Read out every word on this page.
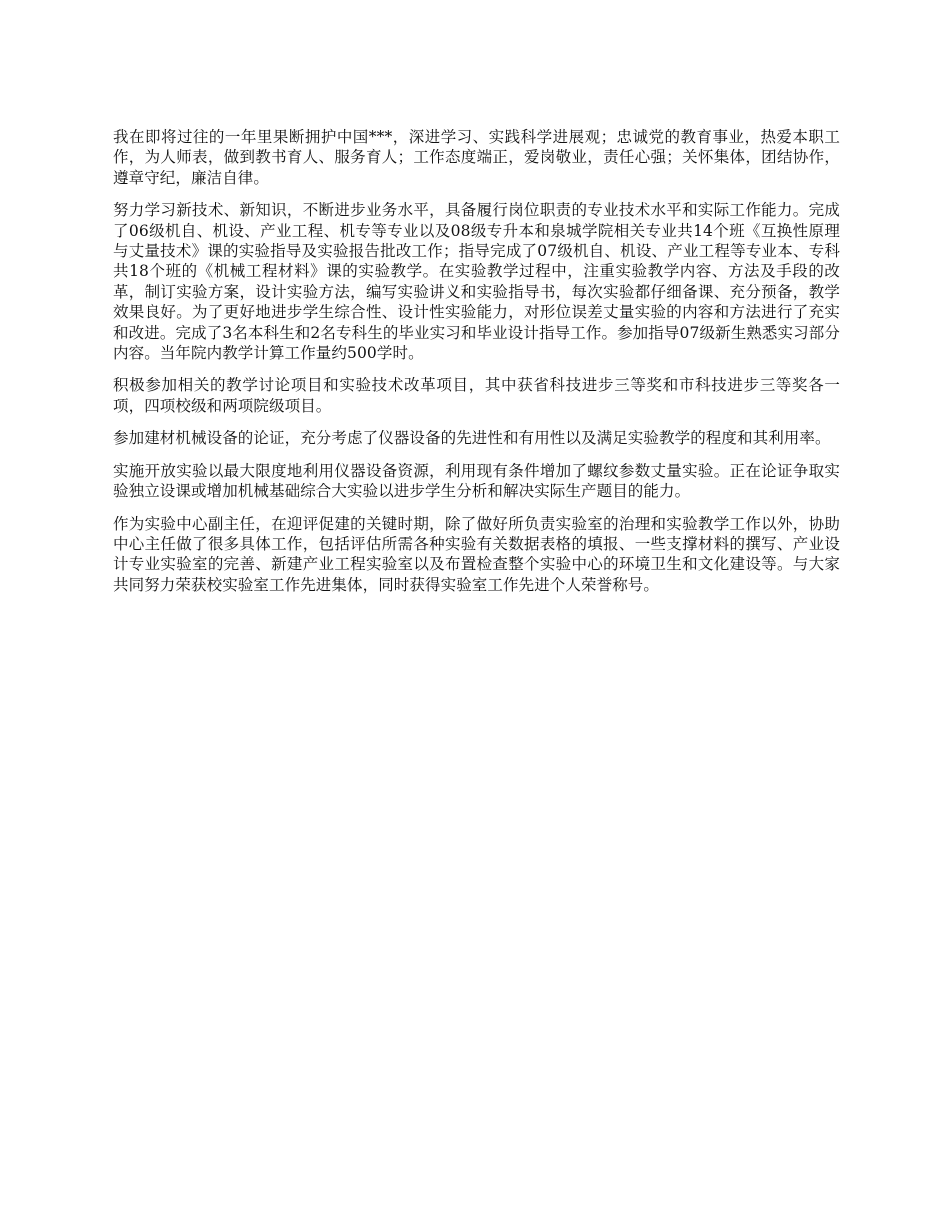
我在即将过往的一年里果断拥护中国***，深进学习、实践科学进展观；忠诚党的教育事业，热爱本职工作，为人师表，做到教书育人、服务育人；工作态度端正，爱岗敬业，责任心强；关怀集体，团结协作，遵章守纪，廉洁自律。

努力学习新技术、新知识，不断进步业务水平，具备履行岗位职责的专业技术水平和实际工作能力。完成了06级机自、机设、产业工程、机专等专业以及08级专升本和泉城学院相关专业共14个班《互换性原理与丈量技术》课的实验指导及实验报告批改工作；指导完成了07级机自、机设、产业工程等专业本、专科共18个班的《机械工程材料》课的实验教学。在实验教学过程中，注重实验教学内容、方法及手段的改革，制订实验方案，设计实验方法，编写实验讲义和实验指导书，每次实验都仔细备课、充分预备，教学效果良好。为了更好地进步学生综合性、设计性实验能力，对形位误差丈量实验的内容和方法进行了充实和改进。完成了3名本科生和2名专科生的毕业实习和毕业设计指导工作。参加指导07级新生熟悉实习部分内容。当年院内教学计算工作量约500学时。

积极参加相关的教学讨论项目和实验技术改革项目，其中获省科技进步三等奖和市科技进步三等奖各一项，四项校级和两项院级项目。

参加建材机械设备的论证，充分考虑了仪器设备的先进性和有用性以及满足实验教学的程度和其利用率。

实施开放实验以最大限度地利用仪器设备资源，利用现有条件增加了螺纹参数丈量实验。正在论证争取实验独立设课或增加机械基础综合大实验以进步学生分析和解决实际生产题目的能力。

作为实验中心副主任，在迎评促建的关键时期，除了做好所负责实验室的治理和实验教学工作以外，协助中心主任做了很多具体工作，包括评估所需各种实验有关数据表格的填报、一些支撑材料的撰写、产业设计专业实验室的完善、新建产业工程实验室以及布置检查整个实验中心的环境卫生和文化建设等。与大家共同努力荣获校实验室工作先进集体，同时获得实验室工作先进个人荣誉称号。
